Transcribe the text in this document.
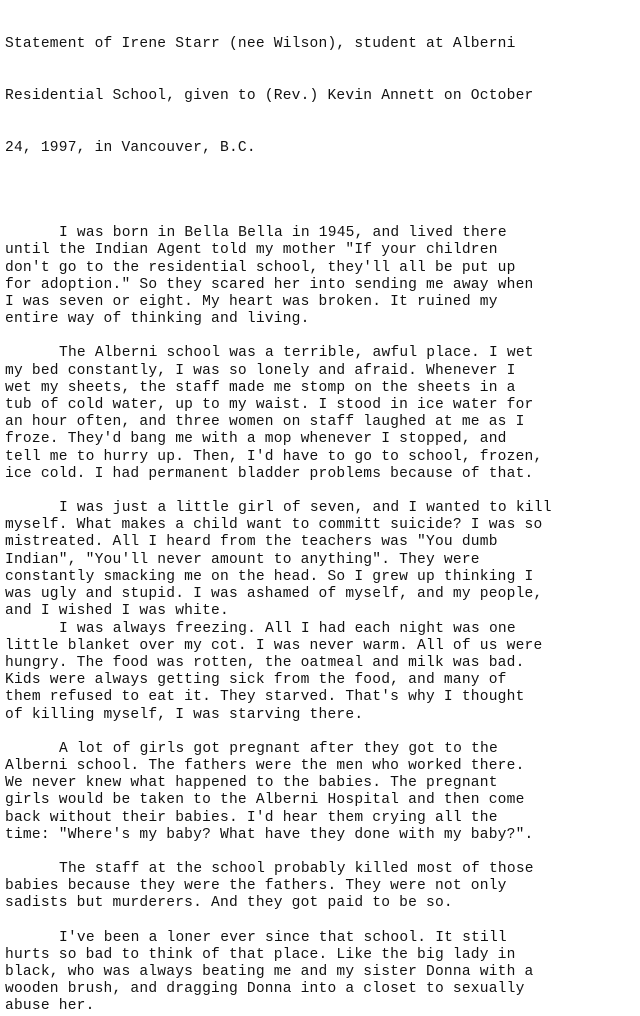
Statement of Irene Starr (nee Wilson), student at Alberni

Residential School, given to (Rev.) Kevin Annett on October

24, 1997, in Vancouver, B.C.

I was born in Bella Bella in 1945, and lived there
until the Indian Agent told my mother "If your children
don't go to the residential school, they'll all be put up
for adoption." So they scared her into sending me away when
I was seven or eight. My heart was broken. It ruined my
entire way of thinking and living.
The Alberni school was a terrible, awful place. I wet
my bed constantly, I was so lonely and afraid. Whenever I
wet my sheets, the staff made me stomp on the sheets in a
tub of cold water, up to my waist. I stood in ice water for
an hour often, and three women on staff laughed at me as I
froze. They'd bang me with a mop whenever I stopped, and
tell me to hurry up. Then, I'd have to go to school, frozen,
ice cold. I had permanent bladder problems because of that.
I was just a little girl of seven, and I wanted to kill
myself. What makes a child want to committ suicide? I was so
mistreated. All I heard from the teachers was "You dumb
Indian", "You'll never amount to anything". They were
constantly smacking me on the head. So I grew up thinking I
was ugly and stupid. I was ashamed of myself, and my people,
and I wished I was white.
I was always freezing. All I had each night was one
little blanket over my cot. I was never warm. All of us were
hungry. The food was rotten, the oatmeal and milk was bad.
Kids were always getting sick from the food, and many of
them refused to eat it. They starved. That's why I thought
of killing myself, I was starving there.
A lot of girls got pregnant after they got to the
Alberni school. The fathers were the men who worked there.
We never knew what happened to the babies. The pregnant
girls would be taken to the Alberni Hospital and then come
back without their babies. I'd hear them crying all the
time: "Where's my baby? What have they done with my baby?".
The staff at the school probably killed most of those
babies because they were the fathers. They were not only
sadists but murderers. And they got paid to be so.
I've been a loner ever since that school. It still
hurts so bad to think of that place. Like the big lady in
black, who was always beating me and my sister Donna with a
wooden brush, and dragging Donna into a closet to sexually
abuse her.
